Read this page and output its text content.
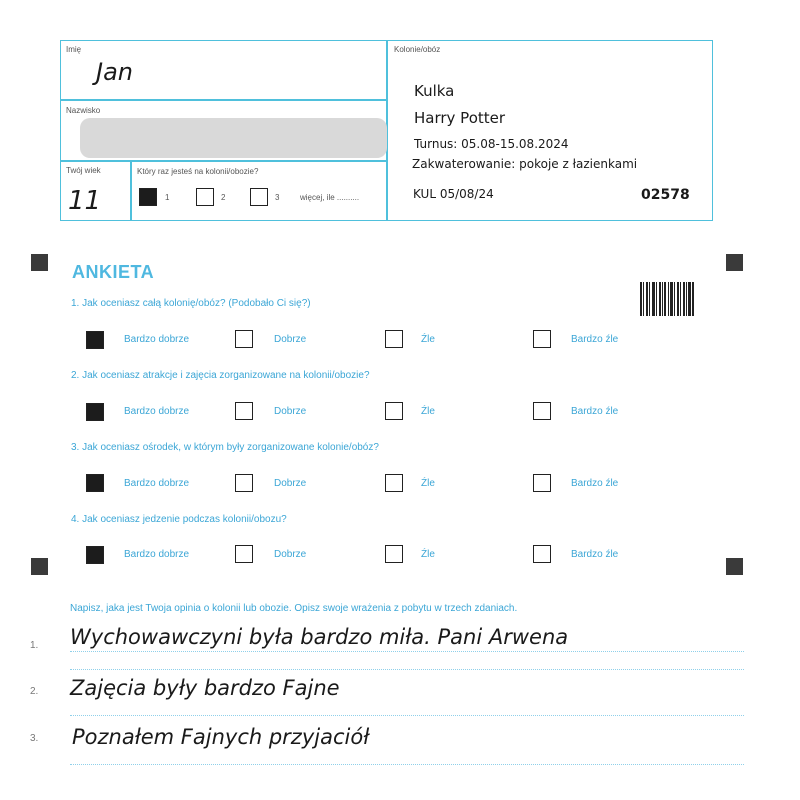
Imię
Jan
Nazwisko
Twój wiek
11
Który raz jesteś na kolonii/obozie?
1	2	3	więcej, ile ..........
Kolonie/obóz
Kulka
Harry Potter
Turnus: 05.08-15.08.2024
Zakwaterowanie: pokoje z łazienkami
KUL 05/08/24	02578
ANKIETA
1. Jak oceniasz całą kolonię/obóz? (Podobało Ci się?)
Bardzo dobrze	Dobrze	Źle	Bardzo źle
2. Jak oceniasz atrakcje i zajęcia zorganizowane na kolonii/obozie?
Bardzo dobrze	Dobrze	Źle	Bardzo źle
3. Jak oceniasz ośrodek, w którym były zorganizowane kolonie/obóz?
Bardzo dobrze	Dobrze	Źle	Bardzo źle
4. Jak oceniasz jedzenie podczas kolonii/obozu?
Bardzo dobrze	Dobrze	Źle	Bardzo źle
Napisz, jaka jest Twoja opinia o kolonii lub obozie. Opisz swoje wrażenia z pobytu w trzech zdaniach.
1. Wychowawczyni była bardzo miła. Pani Arwena
2. Zajęcia były bardzo Fajne
3. Poznałem Fajnych przyjaciół
